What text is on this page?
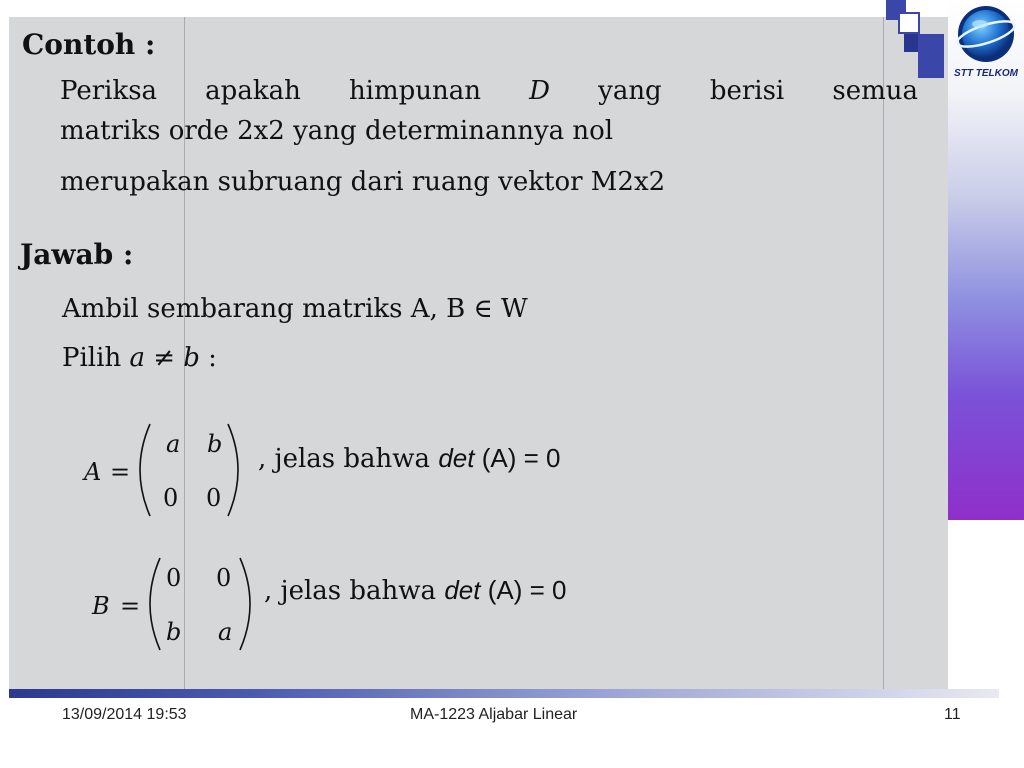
STT TELKOM
Contoh :
Periksa apakah himpunan D yang berisi semua
matriks orde 2x2 yang determinannya nol
merupakan subruang dari ruang vektor M2x2
Jawab :
Ambil sembarang matriks A, B ∈ W
Pilih a ≠ b :
A =
a b
0 0
, jelas bahwa det (A) = 0
B =
0 0
b a
, jelas bahwa det (A) = 0
13/09/2014 19:53	MA-1223 Aljabar Linear	11
